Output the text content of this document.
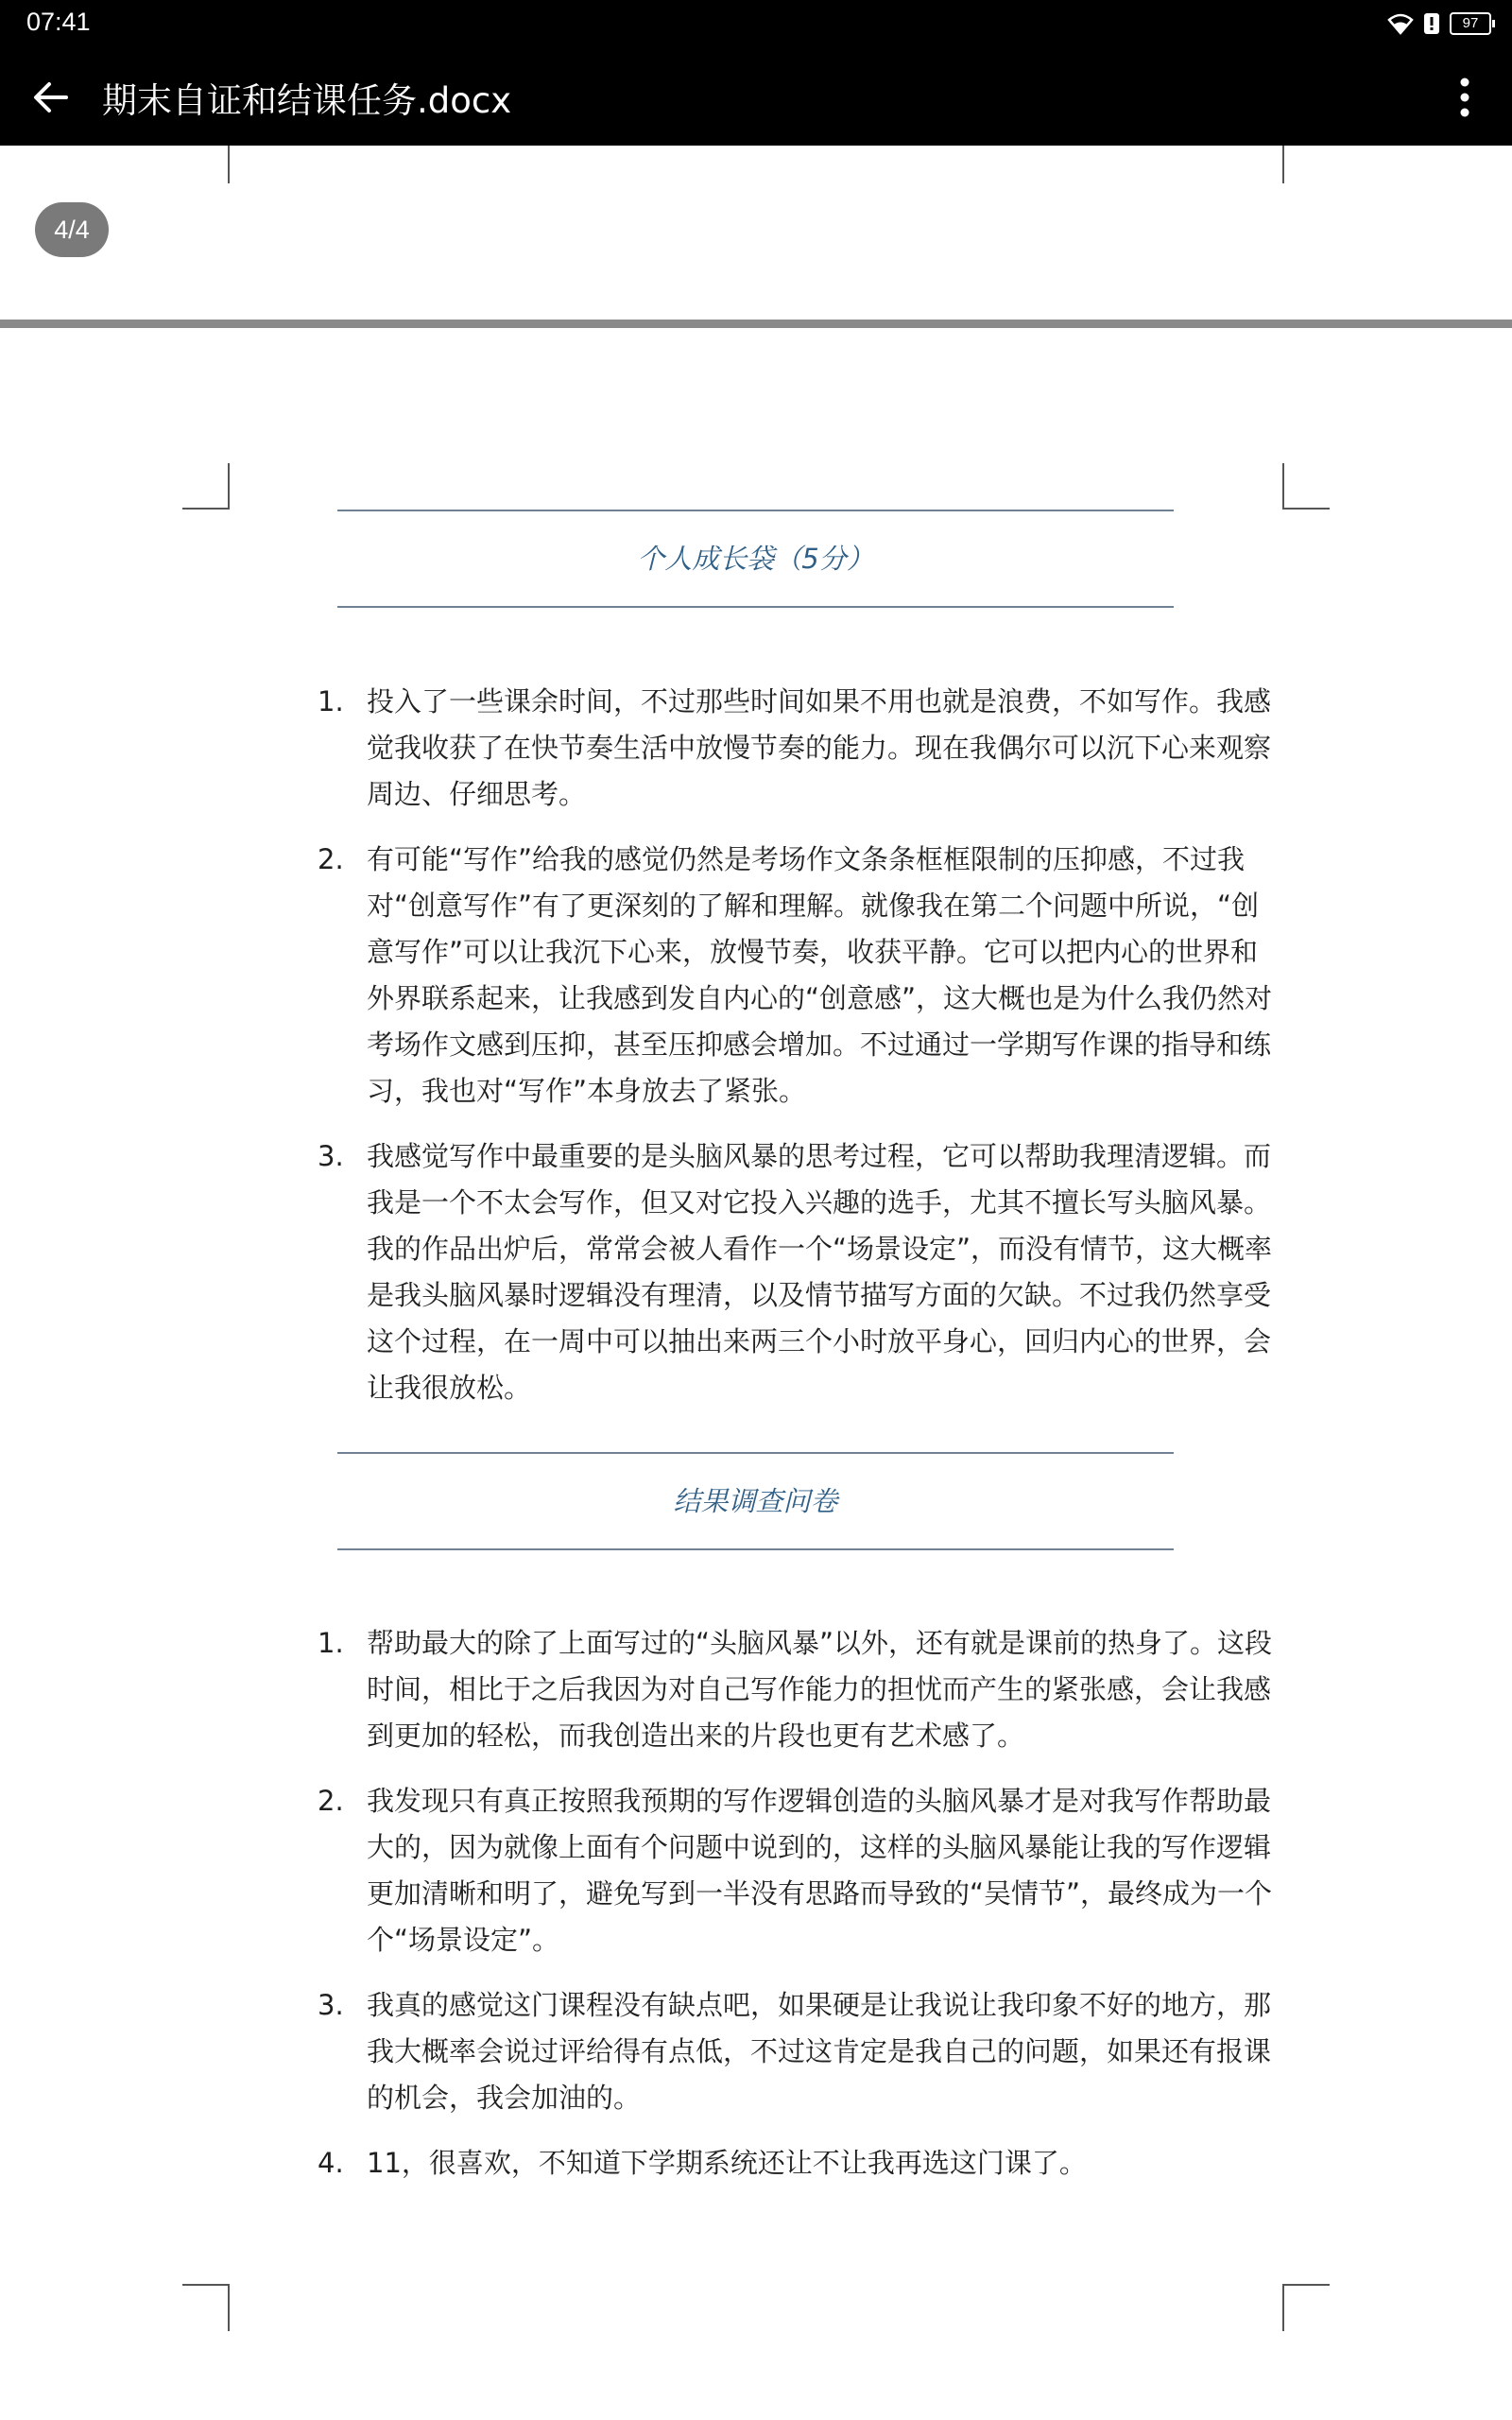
07:41	97
期末自证和结课任务.docx
个人成长袋（5分）
1. 投入了一些课余时间，不过那些时间如果不用也就是浪费，不如写作。我感觉我收获了在快节奏生活中放慢节奏的能力。现在我偶尔可以沉下心来观察周边、仔细思考。
2. 有可能“写作”给我的感觉仍然是考场作文条条框框限制的压抑感，不过我对“创意写作”有了更深刻的了解和理解。就像我在第二个问题中所说，“创意写作”可以让我沉下心来，放慢节奏，收获平静。它可以把内心的世界和外界联系起来，让我感到发自内心的“创意感”，这大概也是为什么我仍然对考场作文感到压抑，甚至压抑感会增加。不过通过一学期写作课的指导和练习，我也对“写作”本身放去了紧张。
3. 我感觉写作中最重要的是头脑风暴的思考过程，它可以帮助我理清逻辑。而我是一个不太会写作，但又对它投入兴趣的选手，尤其不擅长写头脑风暴。我的作品出炉后，常常会被人看作一个“场景设定”，而没有情节，这大概率是我头脑风暴时逻辑没有理清，以及情节描写方面的欠缺。不过我仍然享受这个过程，在一周中可以抽出来两三个小时放平身心，回归内心的世界，会让我很放松。
结果调查问卷
1. 帮助最大的除了上面写过的“头脑风暴”以外，还有就是课前的热身了。这段时间，相比于之后我因为对自己写作能力的担忧而产生的紧张感，会让我感到更加的轻松，而我创造出来的片段也更有艺术感了。
2. 我发现只有真正按照我预期的写作逻辑创造的头脑风暴才是对我写作帮助最大的，因为就像上面有个问题中说到的，这样的头脑风暴能让我的写作逻辑更加清晰和明了，避免写到一半没有思路而导致的“吴情节”，最终成为一个个“场景设定”。
3. 我真的感觉这门课程没有缺点吧，如果硬是让我说让我印象不好的地方，那我大概率会说过评给得有点低，不过这肯定是我自己的问题，如果还有报课的机会，我会加油的。
4. 11，很喜欢，不知道下学期系统还让不让我再选这门课了。
4/4
